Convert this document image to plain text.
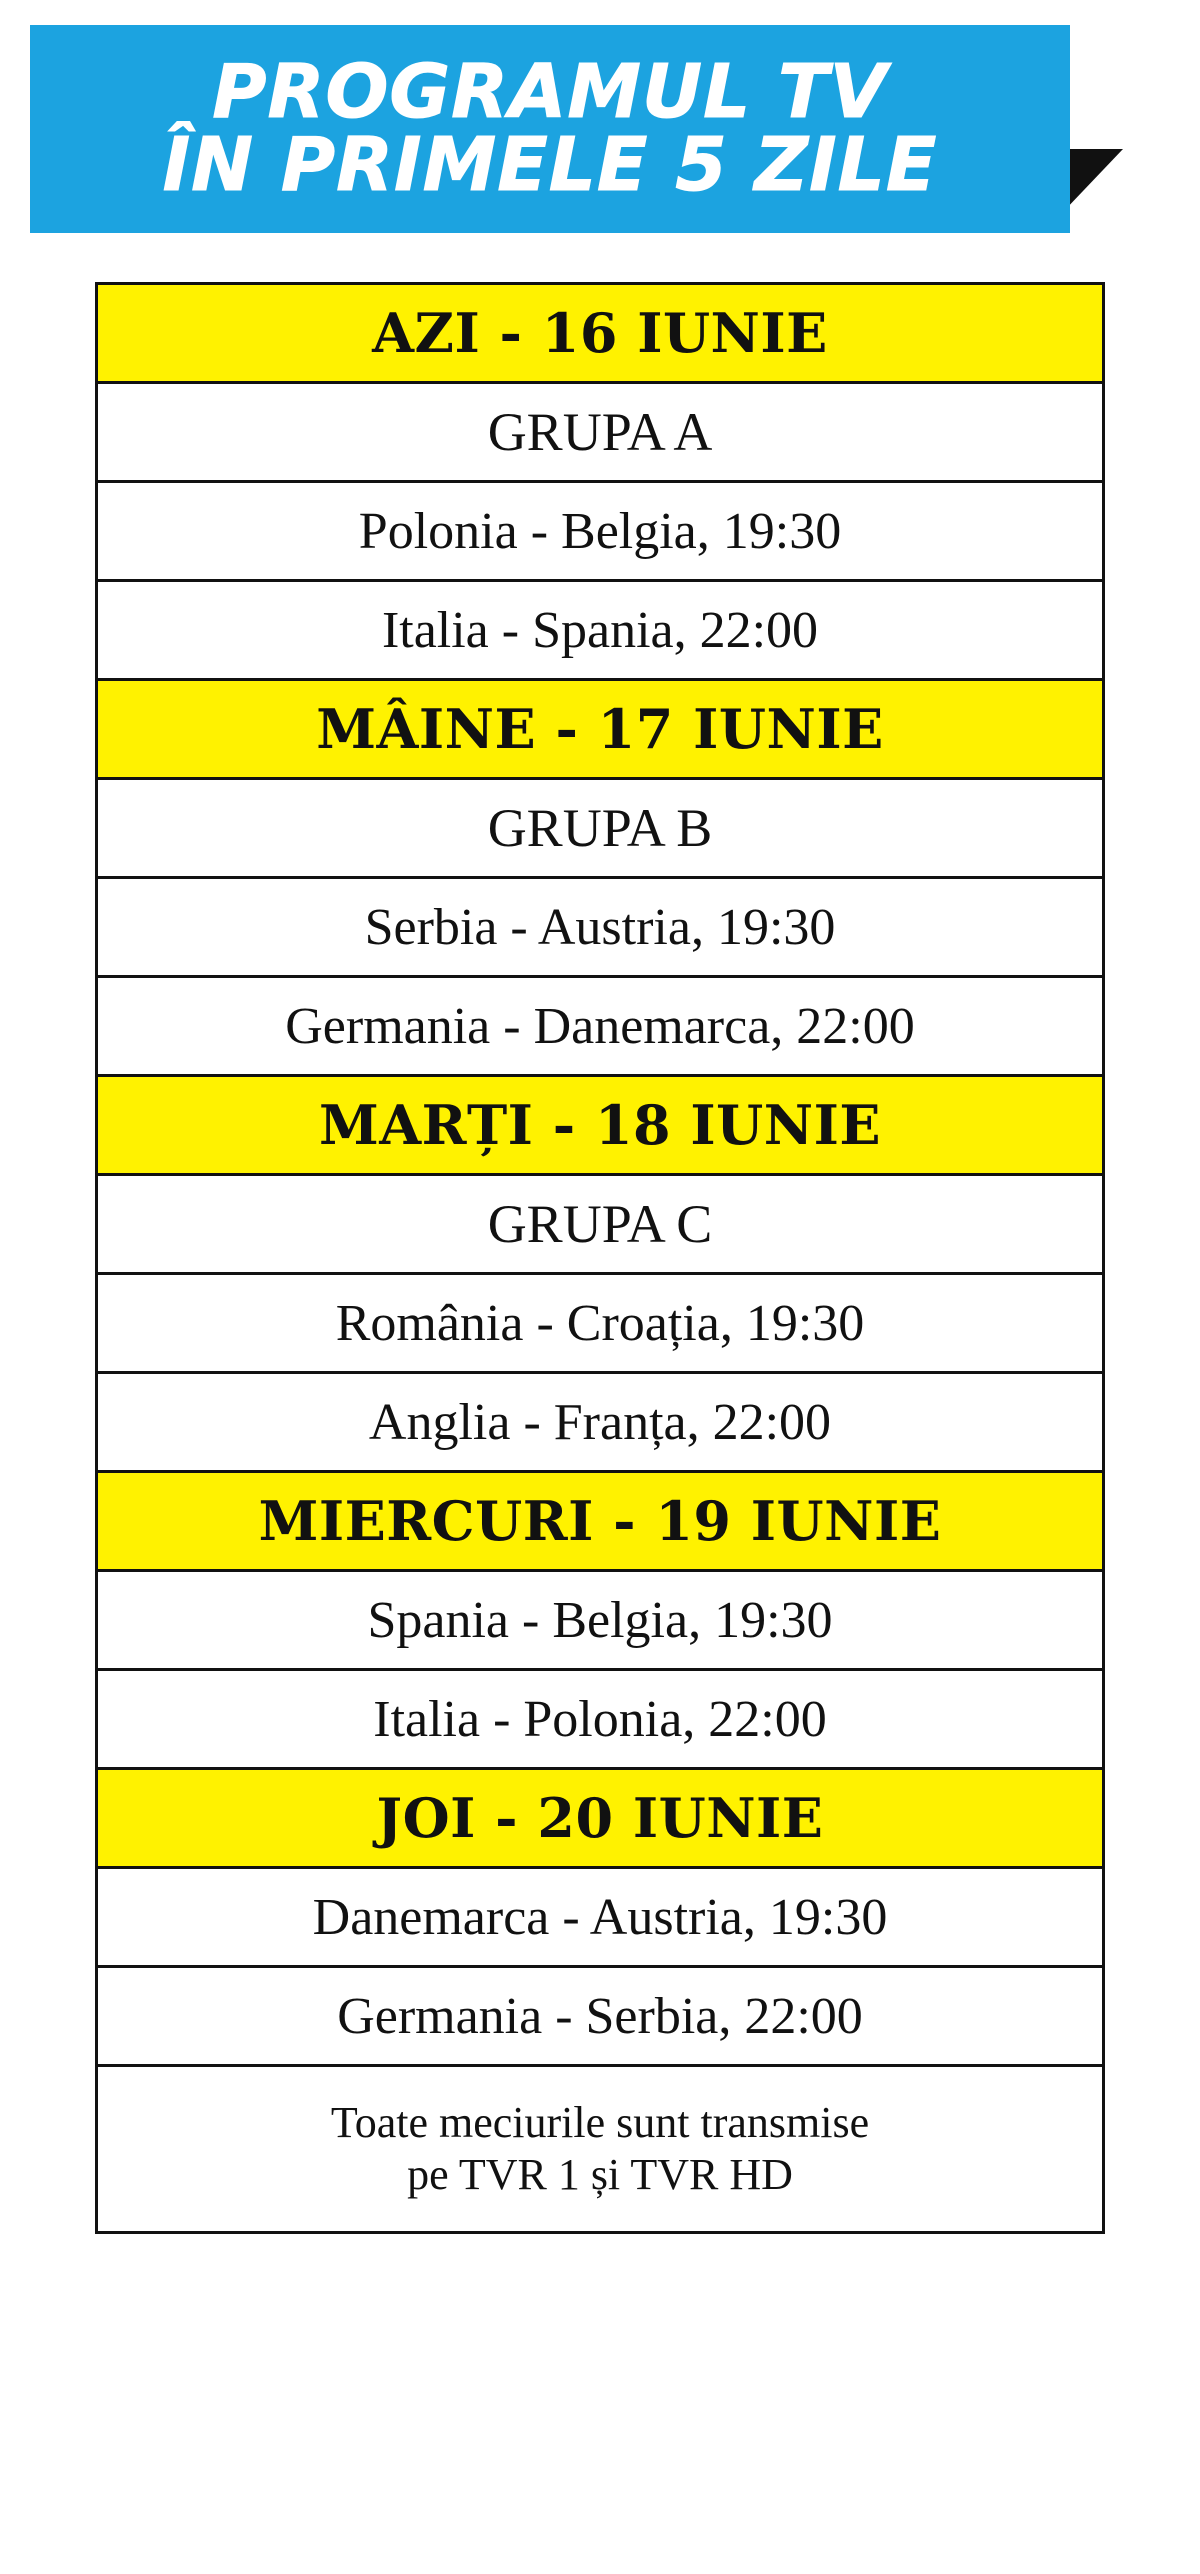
PROGRAMUL TV
ÎN PRIMELE 5 ZILE
AZI - 16 IUNIE
GRUPA A
Polonia - Belgia, 19:30
Italia - Spania, 22:00
MÂINE - 17 IUNIE
GRUPA B
Serbia - Austria, 19:30
Germania - Danemarca, 22:00
MARȚI - 18 IUNIE
GRUPA C
România - Croația, 19:30
Anglia - Franța, 22:00
MIERCURI - 19 IUNIE
Spania - Belgia, 19:30
Italia - Polonia, 22:00
JOI - 20 IUNIE
Danemarca - Austria, 19:30
Germania - Serbia, 22:00

Toate meciurile sunt transmise
pe TVR 1 și TVR HD
